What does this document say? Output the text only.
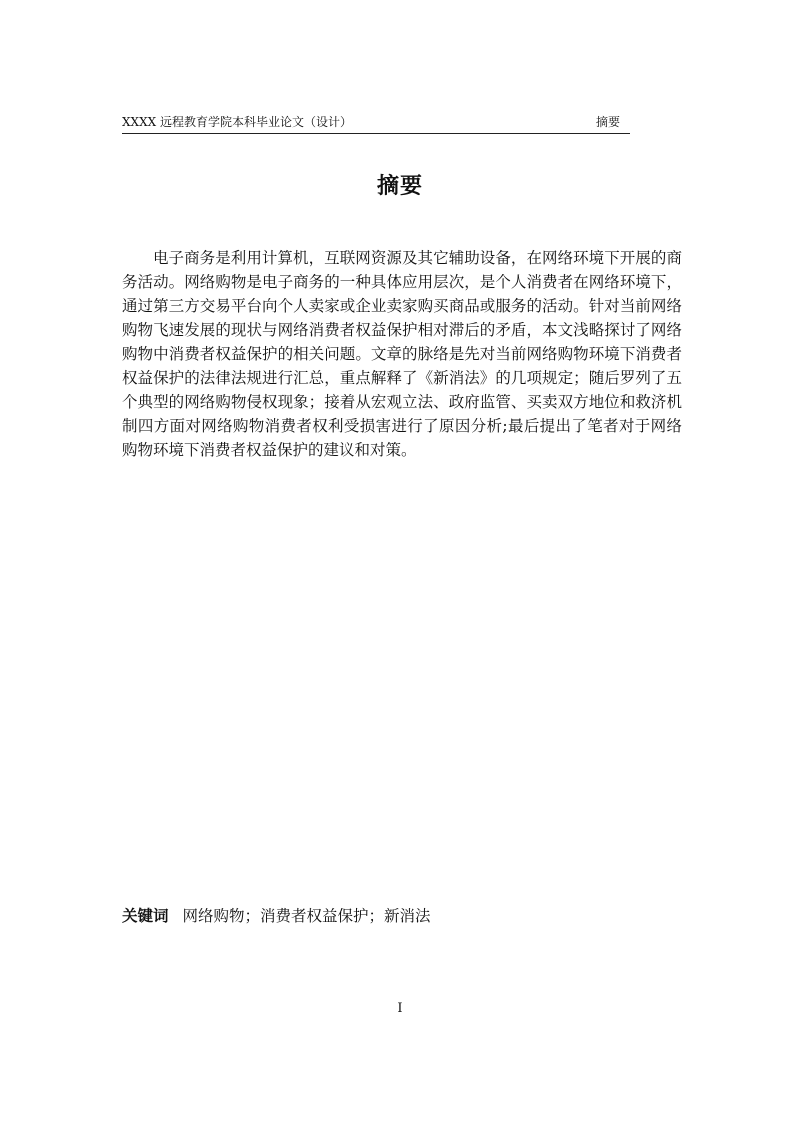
XXXX 远程教育学院本科毕业论文（设计）	摘要
摘要

电子商务是利用计算机，互联网资源及其它辅助设备，在网络环境下开展的商务活动。网络购物是电子商务的一种具体应用层次，是个人消费者在网络环境下，通过第三方交易平台向个人卖家或企业卖家购买商品或服务的活动。针对当前网络购物飞速发展的现状与网络消费者权益保护相对滞后的矛盾，本文浅略探讨了网络购物中消费者权益保护的相关问题。文章的脉络是先对当前网络购物环境下消费者权益保护的法律法规进行汇总，重点解释了《新消法》的几项规定；随后罗列了五个典型的网络购物侵权现象；接着从宏观立法、政府监管、买卖双方地位和救济机制四方面对网络购物消费者权利受损害进行了原因分析;最后提出了笔者对于网络购物环境下消费者权益保护的建议和对策。

关键词 网络购物；消费者权益保护；新消法
I
